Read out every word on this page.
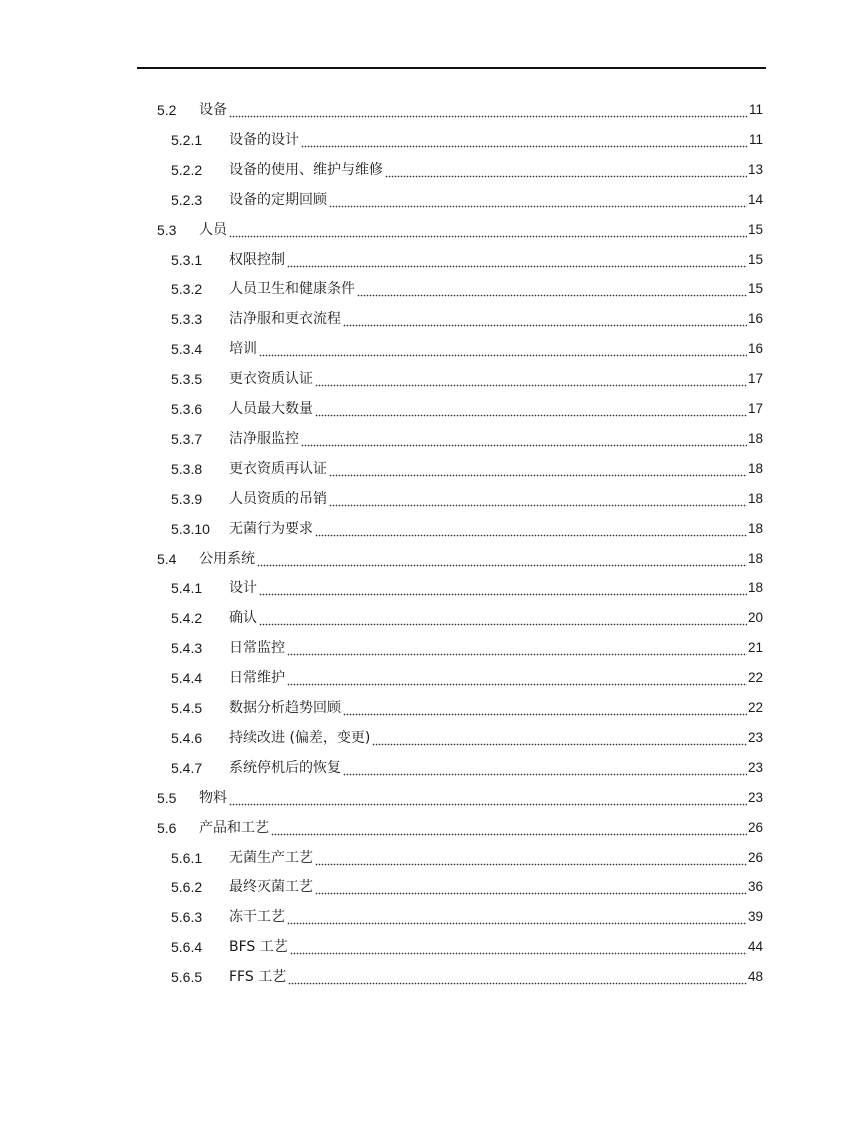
5.2	设备	11
5.2.1	设备的设计	11
5.2.2	设备的使用、维护与维修	13
5.2.3	设备的定期回顾	14
5.3	人员	15
5.3.1	权限控制	15
5.3.2	人员卫生和健康条件	15
5.3.3	洁净服和更衣流程	16
5.3.4	培训	16
5.3.5	更衣资质认证	17
5.3.6	人员最大数量	17
5.3.7	洁净服监控	18
5.3.8	更衣资质再认证	18
5.3.9	人员资质的吊销	18
5.3.10	无菌行为要求	18
5.4	公用系统	18
5.4.1	设计	18
5.4.2	确认	20
5.4.3	日常监控	21
5.4.4	日常维护	22
5.4.5	数据分析趋势回顾	22
5.4.6	持续改进 (偏差，变更)	23
5.4.7	系统停机后的恢复	23
5.5	物料	23
5.6	产品和工艺	26
5.6.1	无菌生产工艺	26
5.6.2	最终灭菌工艺	36
5.6.3	冻干工艺	39
5.6.4	BFS 工艺	44
5.6.5	FFS 工艺	48
